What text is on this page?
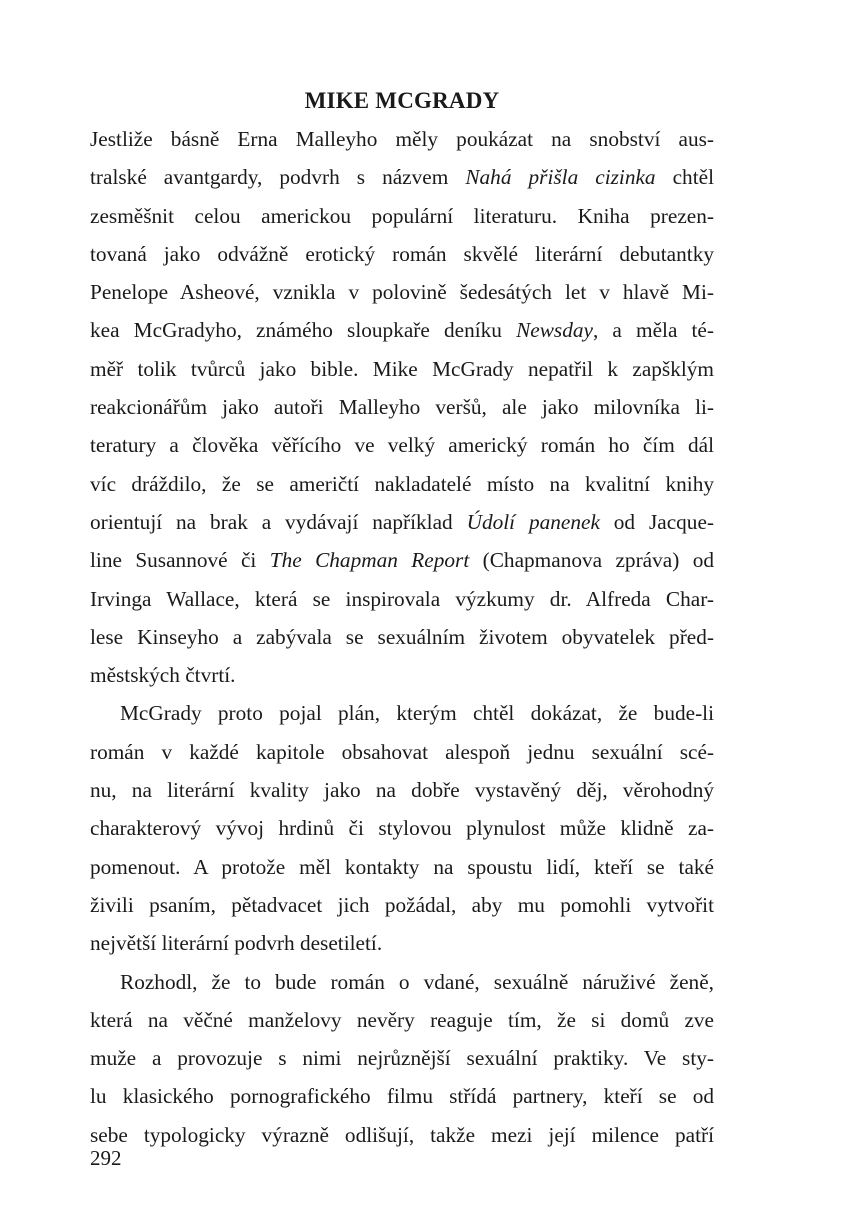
MIKE MCGRADY
Jestliže básně Erna Malleyho měly poukázat na snobství aus-
tralské avantgardy, podvrh s názvem Nahá přišla cizinka chtěl
zesměšnit celou americkou populární literaturu. Kniha prezen-
tovaná jako odvážně erotický román skvělé literární debutantky
Penelope Asheové, vznikla v polovině šedesátých let v hlavě Mi-
kea McGradyho, známého sloupkaře deníku Newsday, a měla té-
měř tolik tvůrců jako bible. Mike McGrady nepatřil k zapšklým
reakcionářům jako autoři Malleyho veršů, ale jako milovníka li-
teratury a člověka věřícího ve velký americký román ho čím dál
víc dráždilo, že se američtí nakladatelé místo na kvalitní knihy
orientují na brak a vydávají například Údolí panenek od Jacque-
line Susannové či The Chapman Report (Chapmanova zpráva) od
Irvinga Wallace, která se inspirovala výzkumy dr. Alfreda Char-
lese Kinseyho a zabývala se sexuálním životem obyvatelek před-
městských čtvrtí.
McGrady proto pojal plán, kterým chtěl dokázat, že bude-li
román v každé kapitole obsahovat alespoň jednu sexuální scé-
nu, na literární kvality jako na dobře vystavěný děj, věrohodný
charakterový vývoj hrdinů či stylovou plynulost může klidně za-
pomenout. A protože měl kontakty na spoustu lidí, kteří se také
živili psaním, pětadvacet jich požádal, aby mu pomohli vytvořit
největší literární podvrh desetiletí.
Rozhodl, že to bude román o vdané, sexuálně náruživé ženě,
která na věčné manželovy nevěry reaguje tím, že si domů zve
muže a provozuje s nimi nejrůznější sexuální praktiky. Ve sty-
lu klasického pornografického filmu střídá partnery, kteří se od
sebe typologicky výrazně odlišují, takže mezi její milence patří
292
